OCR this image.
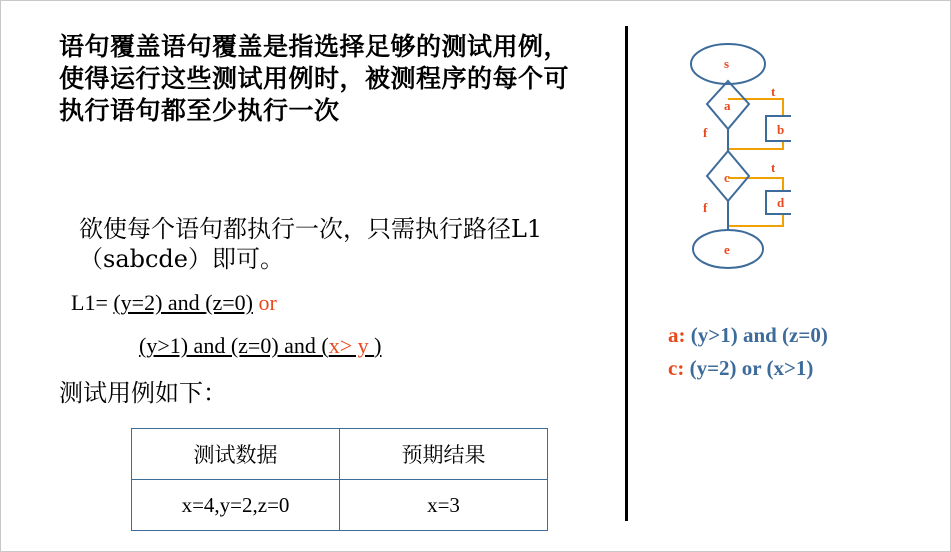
语句覆盖语句覆盖是指选择足够的测试用例，使得运行这些测试用例时，被测程序的每个可执行语句都至少执行一次
欲使每个语句都执行一次，只需执行路径L1（sabcde）即可。
L1= (y=2) and (z=0) or
(y>1) and (z=0) and (x> y )
测试用例如下：
测试数据	预期结果
x=4,y=2,z=0	x=3
s
a
c
e
b
d
t
f
t
f
a: (y>1) and (z=0)
c: (y=2) or (x>1)
